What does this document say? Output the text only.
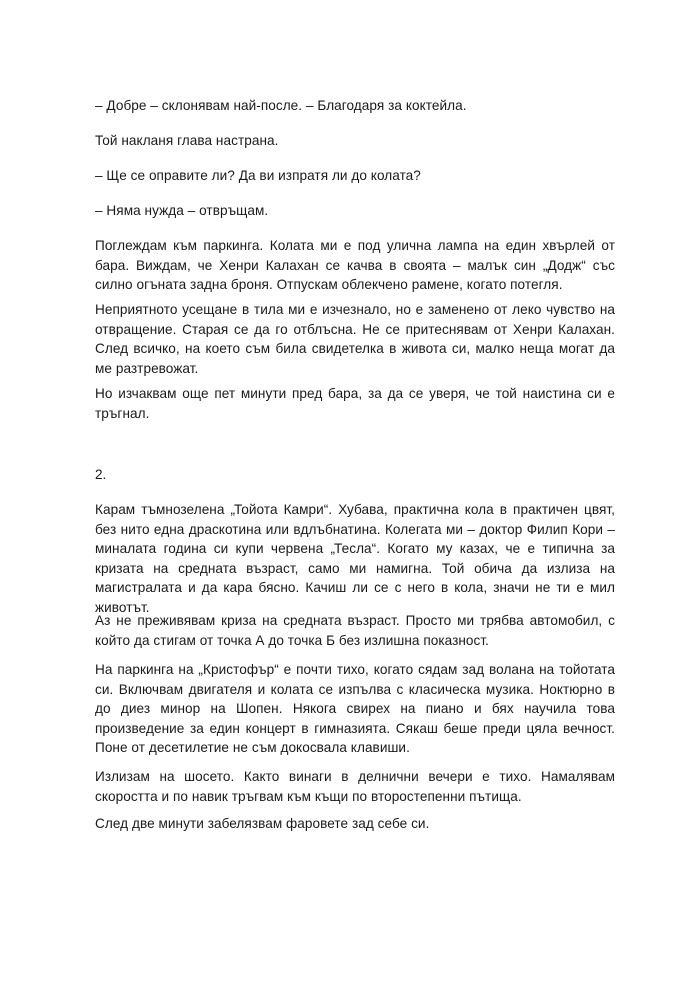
– Добре – склонявам най-после. – Благодаря за коктейла.

Той накланя глава настрана.

– Ще се оправите ли? Да ви изпратя ли до колата?

– Няма нужда – отвръщам.

Поглеждам към паркинга. Колата ми е под улична лампа на един хвърлей от бара. Виждам, че Хенри Калахан се качва в своята – малък син „Додж“ със силно огъната задна броня. Отпускам облекчено рамене, когато потегля.

Неприятното усещане в тила ми е изчезнало, но е заменено от леко чувство на отвращение. Старая се да го отблъсна. Не се притеснявам от Хенри Калахан. След всичко, на което съм била свидетелка в живота си, малко неща могат да ме разтревожат.

Но изчаквам още пет минути пред бара, за да се уверя, че той наистина си е тръгнал.

2.

Карам тъмнозелена „Тойота Камри“. Хубава, практична кола в практичен цвят, без нито една драскотина или вдлъбнатина. Колегата ми – доктор Филип Кори – миналата година си купи червена „Тесла“. Когато му казах, че е типична за кризата на средната възраст, само ми намигна. Той обича да излиза на магистралата и да кара бясно. Качиш ли се с него в кола, значи не ти е мил животът.

Аз не преживявам криза на средната възраст. Просто ми трябва автомобил, с който да стигам от точка А до точка Б без излишна показност.

На паркинга на „Кристофър“ е почти тихо, когато сядам зад волана на тойотата си. Включвам двигателя и колата се изпълва с класическа музика. Ноктюрно в до диез минор на Шопен. Някога свирех на пиано и бях научила това произведение за един концерт в гимназията. Сякаш беше преди цяла вечност. Поне от десетилетие не съм докосвала клавиши.

Излизам на шосето. Както винаги в делнични вечери е тихо. Намалявам скоростта и по навик тръгвам към къщи по второстепенни пътища.

След две минути забелязвам фаровете зад себе си.
